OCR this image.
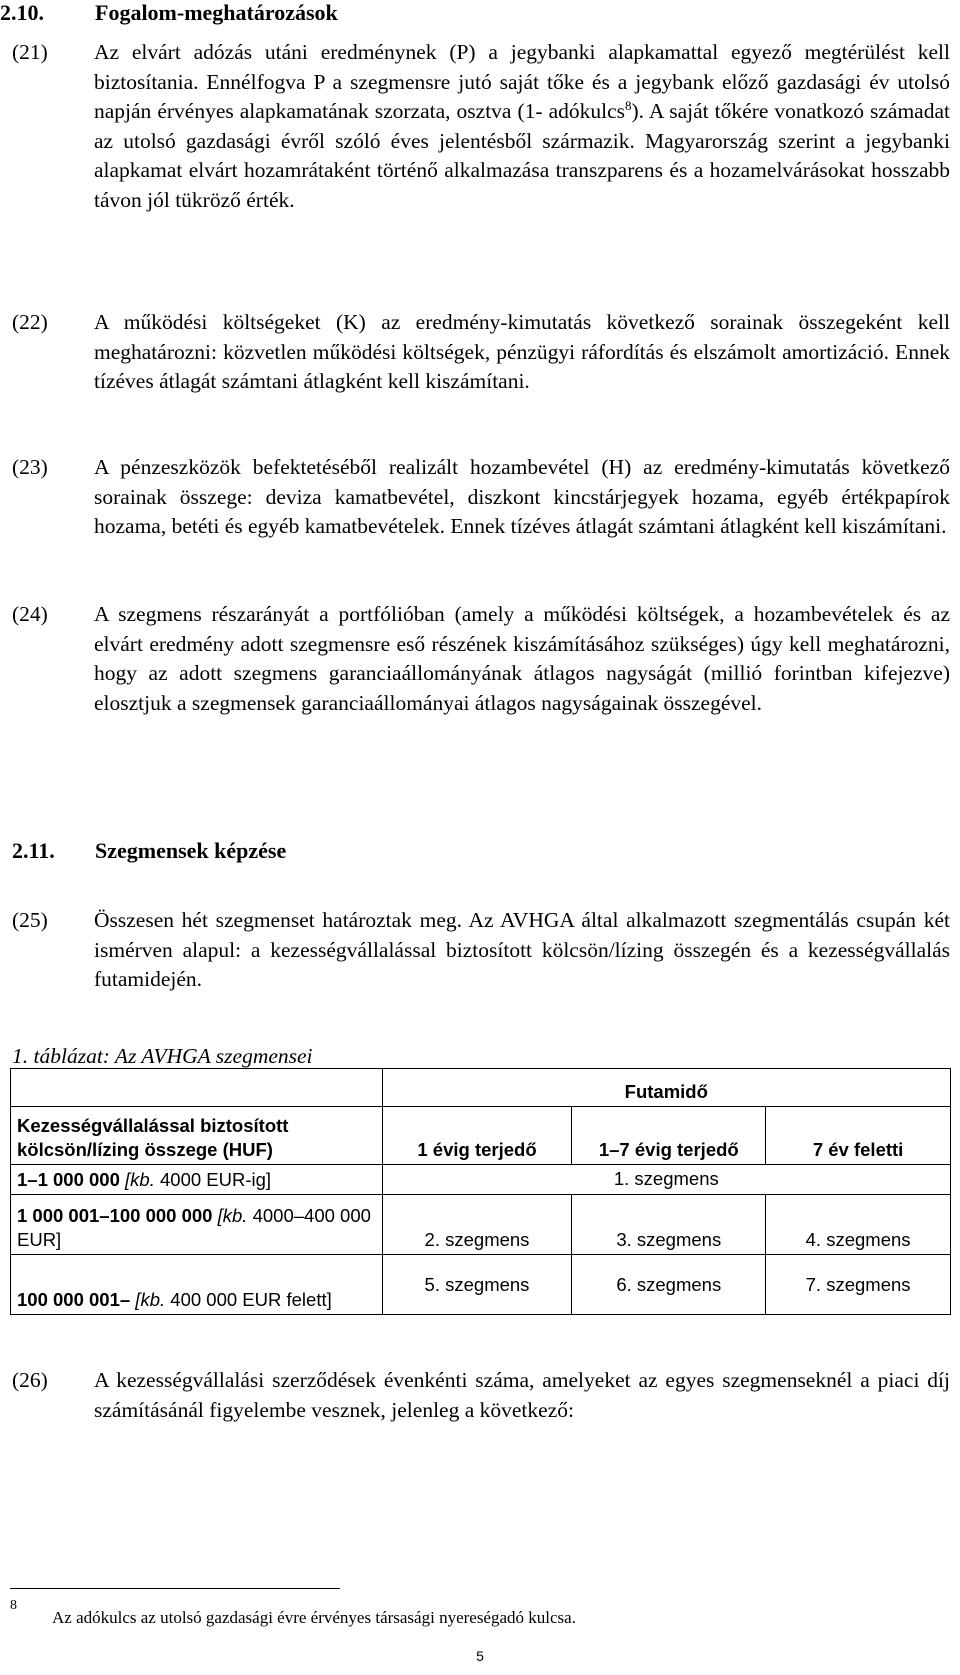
2.10. Fogalom-meghatározások
(21) Az elvárt adózás utáni eredménynek (P) a jegybanki alapkamattal egyező megtérülést kell biztosítania. Ennélfogva P a szegmensre jutó saját tőke és a jegybank előző gazdasági év utolsó napján érvényes alapkamatának szorzata, osztva (1- adókulcs$^8$). A saját tőkére vonatkozó számadat az utolsó gazdasági évről szóló éves jelentésből származik. Magyarország szerint a jegybanki alapkamat elvárt hozamrátaként történő alkalmazása transzparens és a hozamelvárásokat hosszabb távon jól tükröző érték.

(22) A működési költségeket (K) az eredmény-kimutatás következő sorainak összegeként kell meghatározni: közvetlen működési költségek, pénzügyi ráfordítás és elszámolt amortizáció. Ennek tízéves átlagát számtani átlagként kell kiszámítani.

(23) A pénzeszközök befektetéséből realizált hozambevétel (H) az eredmény-kimutatás következő sorainak összege: deviza kamatbevétel, diszkont kincstárjegyek hozama, egyéb értékpapírok hozama, betéti és egyéb kamatbevételek. Ennek tízéves átlagát számtani átlagként kell kiszámítani.

(24) A szegmens részarányát a portfólióban (amely a működési költségek, a hozambevételek és az elvárt eredmény adott szegmensre eső részének kiszámításához szükséges) úgy kell meghatározni, hogy az adott szegmens garanciaállományának átlagos nagyságát (millió forintban kifejezve) elosztjuk a szegmensek garanciaállományai átlagos nagyságainak összegével.

2.11. Szegmensek képzése
(25) Összesen hét szegmenset határoztak meg. Az AVHGA által alkalmazott szegmentálás csupán két ismérven alapul: a kezességvállalással biztosított kölcsön/lízing összegén és a kezességvállalás futamidején.

1. táblázat: Az AVHGA szegmensei
	Futamidő		
Kezességvállalással biztosított
kölcsön/lízing összege (HUF)	1 évig terjedő	1–7 évig terjedő	7 év feletti
1–1 000 000 [kb. 4000 EUR-ig]	1. szegmens		
1 000 001–100 000 000 [kb. 4000–400 000 EUR]	2. szegmens	3. szegmens	4. szegmens
100 000 001– [kb. 400 000 EUR felett]	5. szegmens	6. szegmens	7. szegmens
(26) A kezességvállalási szerződések évenkénti száma, amelyeket az egyes szegmenseknél a piaci díj számításánál figyelembe vesznek, jelenleg a következő:

8
Az adókulcs az utolsó gazdasági évre érvényes társasági nyereségadó kulcsa.
5
